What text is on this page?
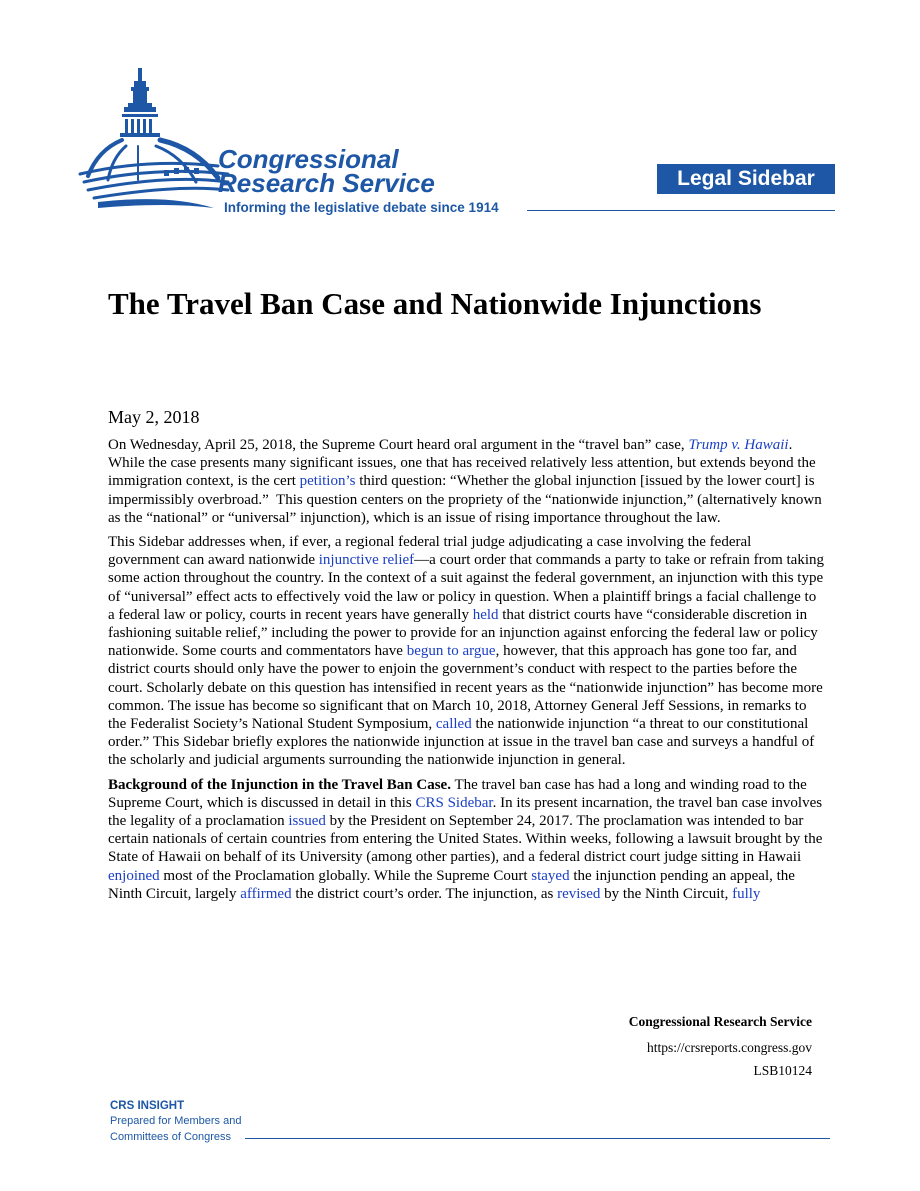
Congressional
Research Service
Informing the legislative debate since 1914
Legal Sidebar
The Travel Ban Case and Nationwide Injunctions
May 2, 2018

On Wednesday, April 25, 2018, the Supreme Court heard oral argument in the “travel ban” case, Trump v. Hawaii. While the case presents many significant issues, one that has received relatively less attention, but extends beyond the immigration context, is the cert petition’s third question: “Whether the global injunction [issued by the lower court] is impermissibly overbroad.”  This question centers on the propriety of the “nationwide injunction,” (alternatively known as the “national” or “universal” injunction), which is an issue of rising importance throughout the law.

This Sidebar addresses when, if ever, a regional federal trial judge adjudicating a case involving the federal government can award nationwide injunctive relief—a court order that commands a party to take or refrain from taking some action throughout the country. In the context of a suit against the federal government, an injunction with this type of “universal” effect acts to effectively void the law or policy in question. When a plaintiff brings a facial challenge to a federal law or policy, courts in recent years have generally held that district courts have “considerable discretion in fashioning suitable relief,” including the power to provide for an injunction against enforcing the federal law or policy nationwide. Some courts and commentators have begun to argue, however, that this approach has gone too far, and district courts should only have the power to enjoin the government’s conduct with respect to the parties before the court. Scholarly debate on this question has intensified in recent years as the “nationwide injunction” has become more common. The issue has become so significant that on March 10, 2018, Attorney General Jeff Sessions, in remarks to the Federalist Society’s National Student Symposium, called the nationwide injunction “a threat to our constitutional order.” This Sidebar briefly explores the nationwide injunction at issue in the travel ban case and surveys a handful of the scholarly and judicial arguments surrounding the nationwide injunction in general.

Background of the Injunction in the Travel Ban Case. The travel ban case has had a long and winding road to the Supreme Court, which is discussed in detail in this CRS Sidebar. In its present incarnation, the travel ban case involves the legality of a proclamation issued by the President on September 24, 2017. The proclamation was intended to bar certain nationals of certain countries from entering the United States. Within weeks, following a lawsuit brought by the State of Hawaii on behalf of its University (among other parties), and a federal district court judge sitting in Hawaii enjoined most of the Proclamation globally. While the Supreme Court stayed the injunction pending an appeal, the Ninth Circuit, largely affirmed the district court’s order. The injunction, as revised by the Ninth Circuit, fully

Congressional Research Service
https://crsreports.congress.gov
LSB10124
CRS INSIGHT
Prepared for Members and
Committees of Congress
